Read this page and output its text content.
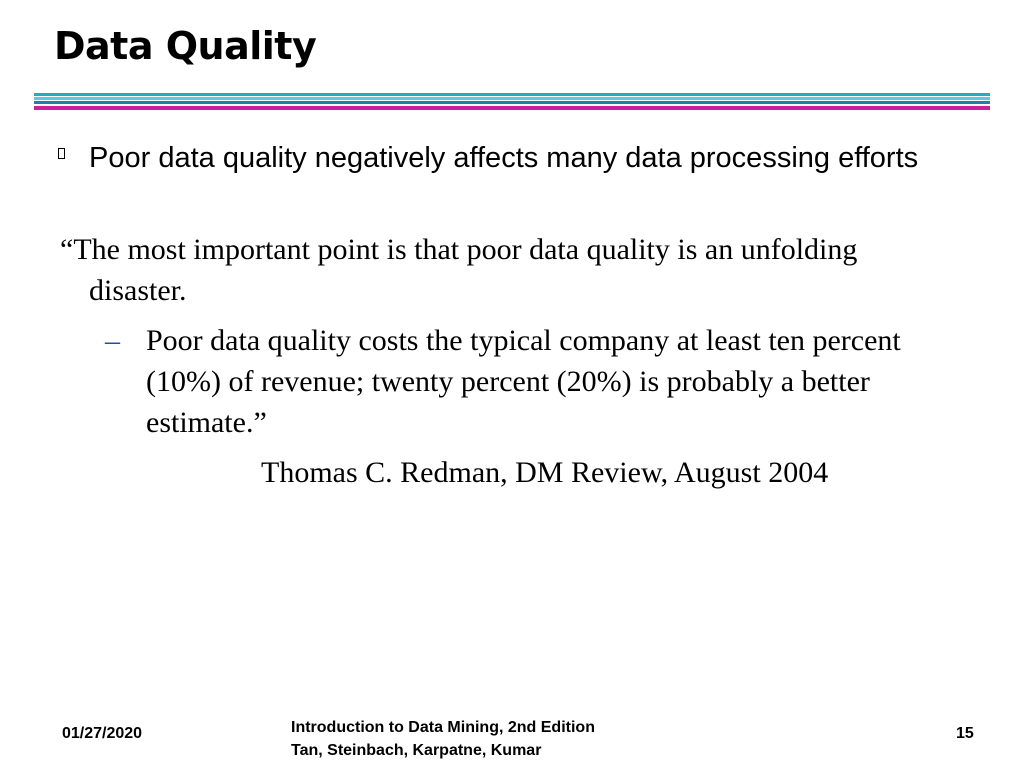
Data Quality

Poor data quality negatively affects many data processing efforts

“The most important point is that poor data quality is an unfolding
disaster.

– Poor data quality costs the typical company at least ten percent (10%) of revenue; twenty percent (20%) is probably a better estimate.”

Thomas C. Redman, DM Review, August 2004

01/27/2020	Introduction to Data Mining, 2nd Edition
Tan, Steinbach, Karpatne, Kumar
15
